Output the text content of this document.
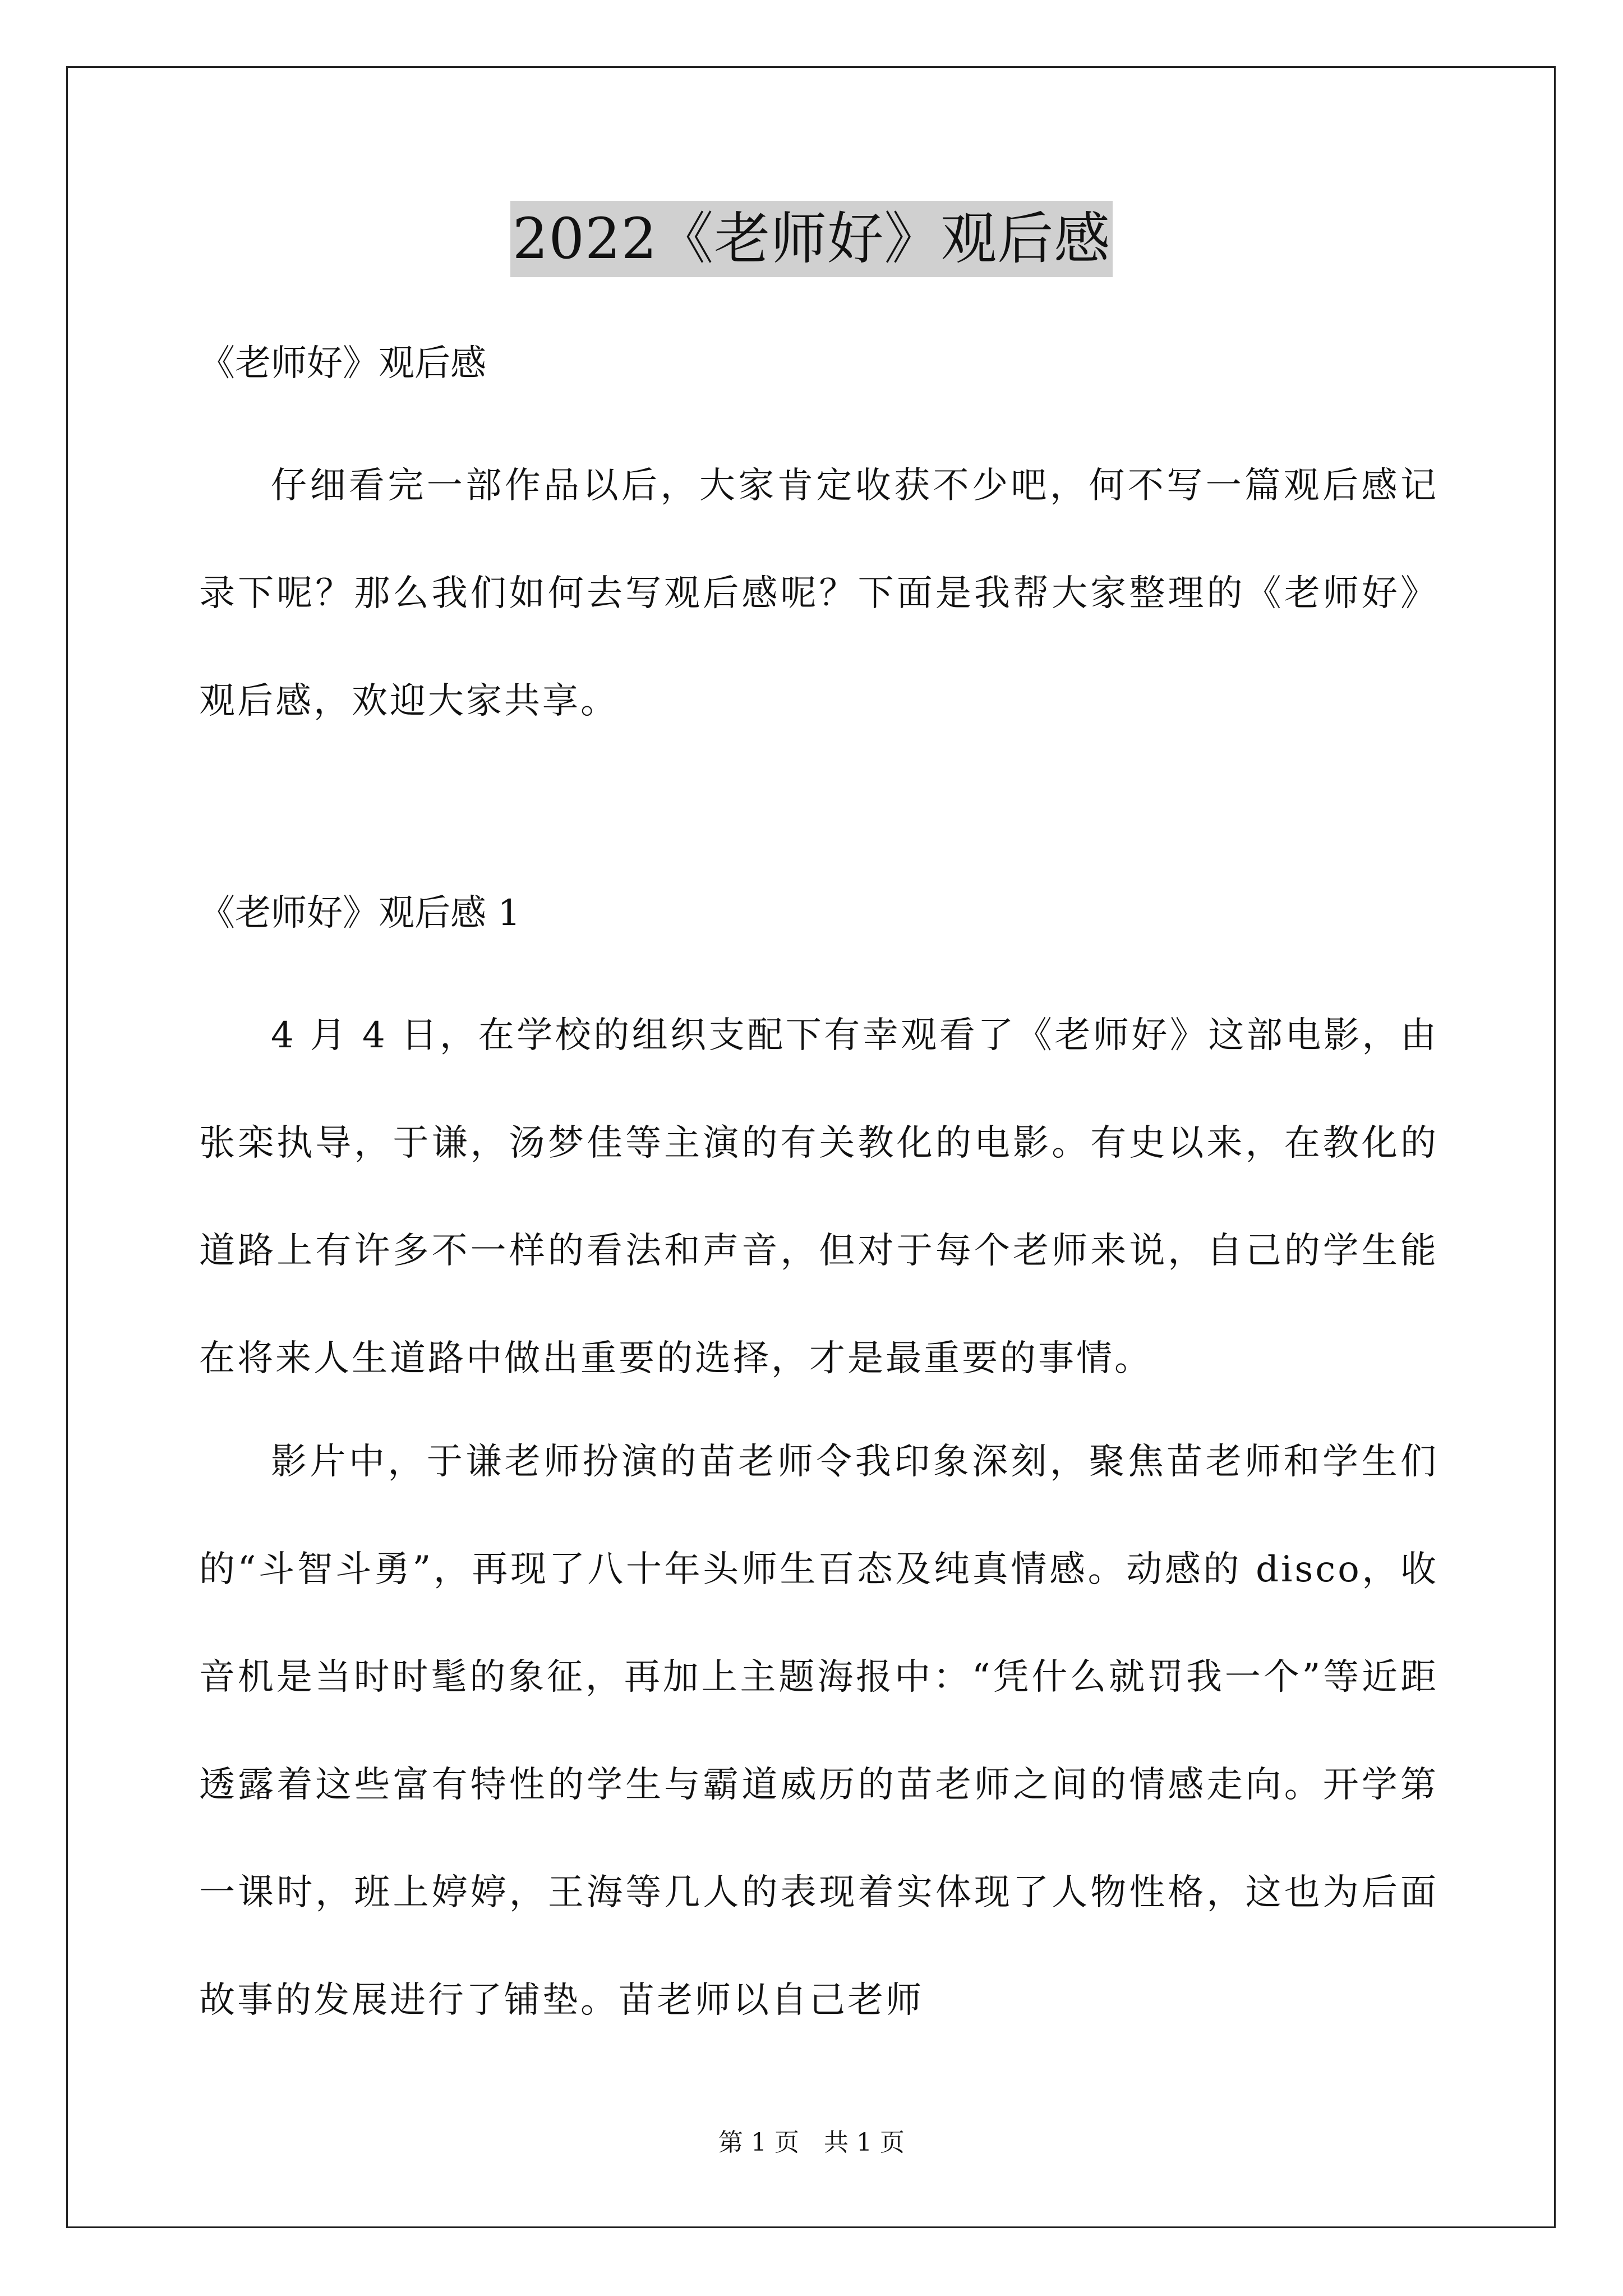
2022《老师好》观后感

《老师好》观后感

仔细看完一部作品以后，大家肯定收获不少吧，何不写一篇观后感记录下呢？那么我们如何去写观后感呢？下面是我帮大家整理的《老师好》观后感，欢迎大家共享。

《老师好》观后感 1

4 月 4 日，在学校的组织支配下有幸观看了《老师好》这部电影，由张栾执导，于谦，汤梦佳等主演的有关教化的电影。有史以来，在教化的道路上有许多不一样的看法和声音，但对于每个老师来说，自己的学生能在将来人生道路中做出重要的选择，才是最重要的事情。

影片中，于谦老师扮演的苗老师令我印象深刻，聚焦苗老师和学生们的“斗智斗勇”，再现了八十年头师生百态及纯真情感。动感的 disco，收音机是当时时髦的象征，再加上主题海报中：“凭什么就罚我一个”等近距透露着这些富有特性的学生与霸道威历的苗老师之间的情感走向。开学第一课时，班上婷婷，王海等几人的表现着实体现了人物性格，这也为后面故事的发展进行了铺垫。苗老师以自己老师

第 1 页　共 1 页
